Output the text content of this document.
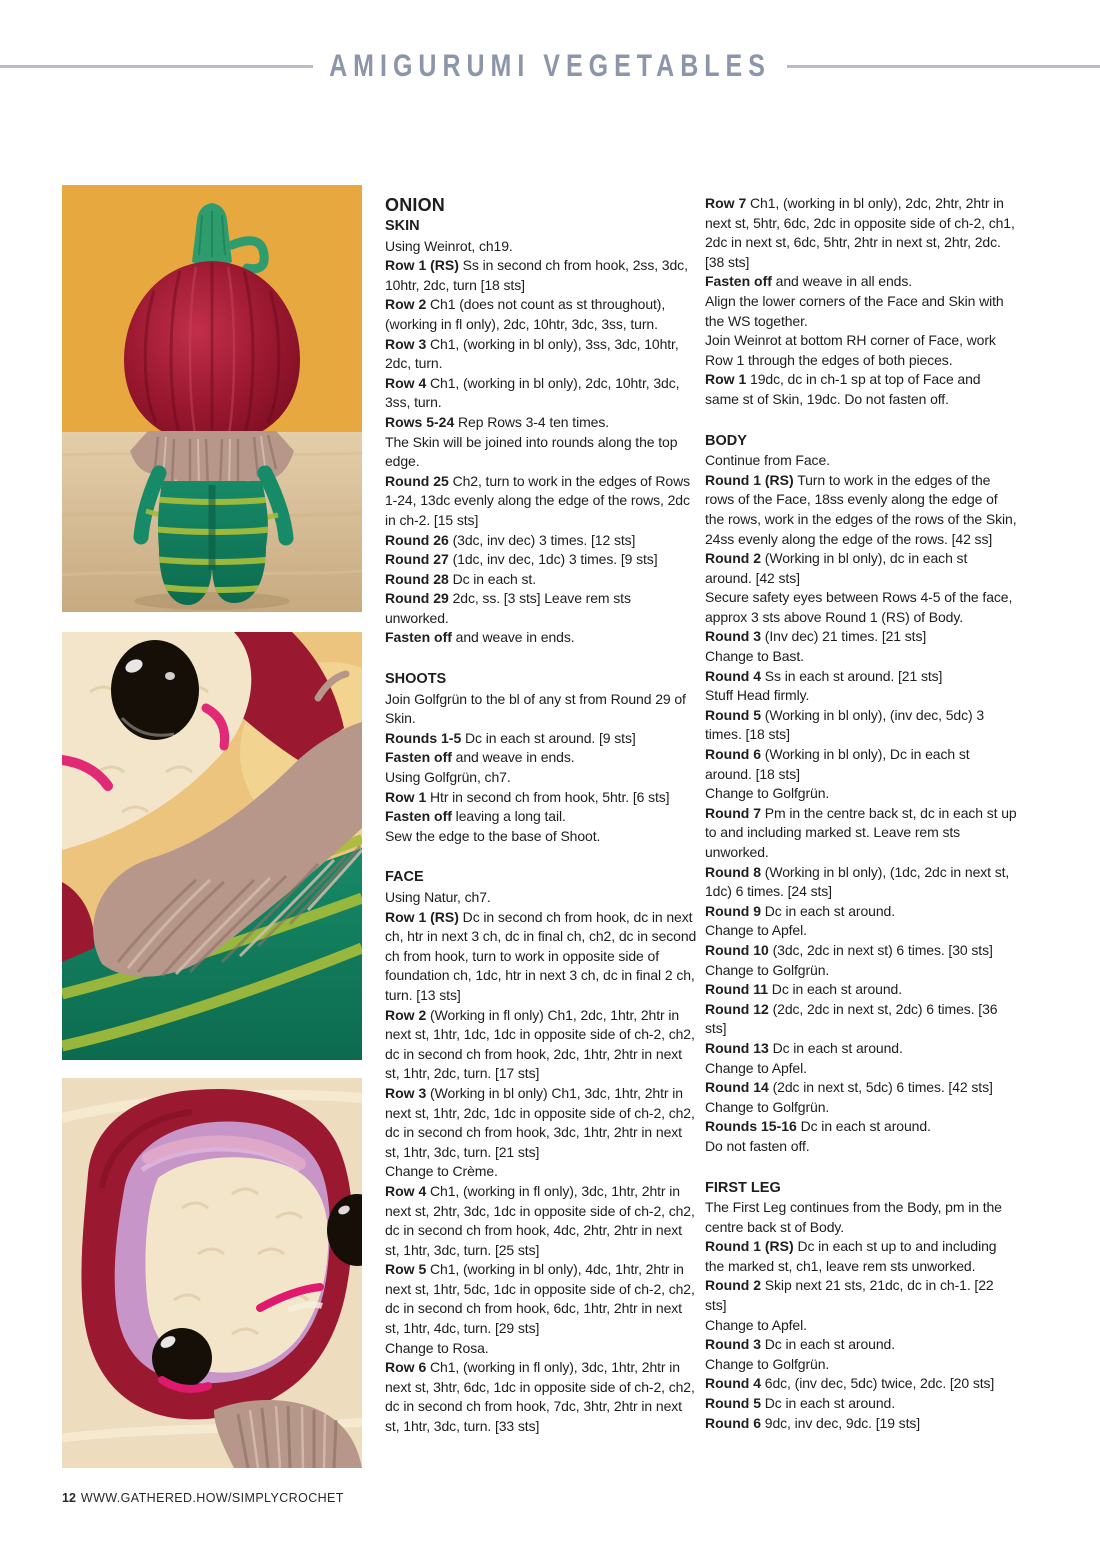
AMIGURUMI VEGETABLES
ONION
SKIN

Using Weinrot, ch19.

Row 1 (RS) Ss in second ch from hook, 2ss, 3dc, 10htr, 2dc, turn [18 sts]

Row 2 Ch1 (does not count as st throughout), (working in fl only), 2dc, 10htr, 3dc, 3ss, turn.

Row 3 Ch1, (working in bl only), 3ss, 3dc, 10htr, 2dc, turn.

Row 4 Ch1, (working in bl only), 2dc, 10htr, 3dc, 3ss, turn.

Rows 5-24 Rep Rows 3-4 ten times.

The Skin will be joined into rounds along the top edge.

Round 25 Ch2, turn to work in the edges of Rows 1-24, 13dc evenly along the edge of the rows, 2dc in ch-2. [15 sts]

Round 26 (3dc, inv dec) 3 times. [12 sts]

Round 27 (1dc, inv dec, 1dc) 3 times. [9 sts]

Round 28 Dc in each st.

Round 29 2dc, ss. [3 sts] Leave rem sts unworked.

Fasten off and weave in ends.

SHOOTS

Join Golfgrün to the bl of any st from Round 29 of Skin.

Rounds 1-5 Dc in each st around. [9 sts]

Fasten off and weave in ends.

Using Golfgrün, ch7.

Row 1 Htr in second ch from hook, 5htr. [6 sts]

Fasten off leaving a long tail.

Sew the edge to the base of Shoot.

FACE

Using Natur, ch7.

Row 1 (RS) Dc in second ch from hook, dc in next ch, htr in next 3 ch, dc in final ch, ch2, dc in second ch from hook, turn to work in opposite side of foundation ch, 1dc, htr in next 3 ch, dc in final 2 ch, turn. [13 sts]

Row 2 (Working in fl only) Ch1, 2dc, 1htr, 2htr in next st, 1htr, 1dc, 1dc in opposite side of ch-2, ch2, dc in second ch from hook, 2dc, 1htr, 2htr in next st, 1htr, 2dc, turn. [17 sts]

Row 3 (Working in bl only) Ch1, 3dc, 1htr, 2htr in next st, 1htr, 2dc, 1dc in opposite side of ch-2, ch2, dc in second ch from hook, 3dc, 1htr, 2htr in next st, 1htr, 3dc, turn. [21 sts]

Change to Crème.

Row 4 Ch1, (working in fl only), 3dc, 1htr, 2htr in next st, 2htr, 3dc, 1dc in opposite side of ch-2, ch2, dc in second ch from hook, 4dc, 2htr, 2htr in next st, 1htr, 3dc, turn. [25 sts]

Row 5 Ch1, (working in bl only), 4dc, 1htr, 2htr in next st, 1htr, 5dc, 1dc in opposite side of ch-2, ch2, dc in second ch from hook, 6dc, 1htr, 2htr in next st, 1htr, 4dc, turn. [29 sts]

Change to Rosa.

Row 6 Ch1, (working in fl only), 3dc, 1htr, 2htr in next st, 3htr, 6dc, 1dc in opposite side of ch-2, ch2, dc in second ch from hook, 7dc, 3htr, 2htr in next st, 1htr, 3dc, turn. [33 sts]

Row 7 Ch1, (working in bl only), 2dc, 2htr, 2htr in next st, 5htr, 6dc, 2dc in opposite side of ch-2, ch1, 2dc in next st, 6dc, 5htr, 2htr in next st, 2htr, 2dc. [38 sts]

Fasten off and weave in all ends.

Align the lower corners of the Face and Skin with the WS together.

Join Weinrot at bottom RH corner of Face, work Row 1 through the edges of both pieces.

Row 1 19dc, dc in ch-1 sp at top of Face and same st of Skin, 19dc. Do not fasten off.

BODY

Continue from Face.

Round 1 (RS) Turn to work in the edges of the rows of the Face, 18ss evenly along the edge of the rows, work in the edges of the rows of the Skin, 24ss evenly along the edge of the rows. [42 ss]

Round 2 (Working in bl only), dc in each st around. [42 sts]

Secure safety eyes between Rows 4-5 of the face, approx 3 sts above Round 1 (RS) of Body.

Round 3 (Inv dec) 21 times. [21 sts]

Change to Bast.

Round 4 Ss in each st around. [21 sts]

Stuff Head firmly.

Round 5 (Working in bl only), (inv dec, 5dc) 3 times. [18 sts]

Round 6 (Working in bl only), Dc in each st around. [18 sts]

Change to Golfgrün.

Round 7 Pm in the centre back st, dc in each st up to and including marked st. Leave rem sts unworked.

Round 8 (Working in bl only), (1dc, 2dc in next st, 1dc) 6 times. [24 sts]

Round 9 Dc in each st around.

Change to Apfel.

Round 10 (3dc, 2dc in next st) 6 times. [30 sts]

Change to Golfgrün.

Round 11 Dc in each st around.

Round 12 (2dc, 2dc in next st, 2dc) 6 times. [36 sts]

Round 13 Dc in each st around.

Change to Apfel.

Round 14 (2dc in next st, 5dc) 6 times. [42 sts]

Change to Golfgrün.

Rounds 15-16 Dc in each st around.

Do not fasten off.

FIRST LEG

The First Leg continues from the Body, pm in the centre back st of Body.

Round 1 (RS) Dc in each st up to and including the marked st, ch1, leave rem sts unworked.

Round 2 Skip next 21 sts, 21dc, dc in ch-1. [22 sts]

Change to Apfel.

Round 3 Dc in each st around.

Change to Golfgrün.

Round 4 6dc, (inv dec, 5dc) twice, 2dc. [20 sts]

Round 5 Dc in each st around.

Round 6 9dc, inv dec, 9dc. [19 sts]

12 WWW.GATHERED.HOW/SIMPLYCROCHET
